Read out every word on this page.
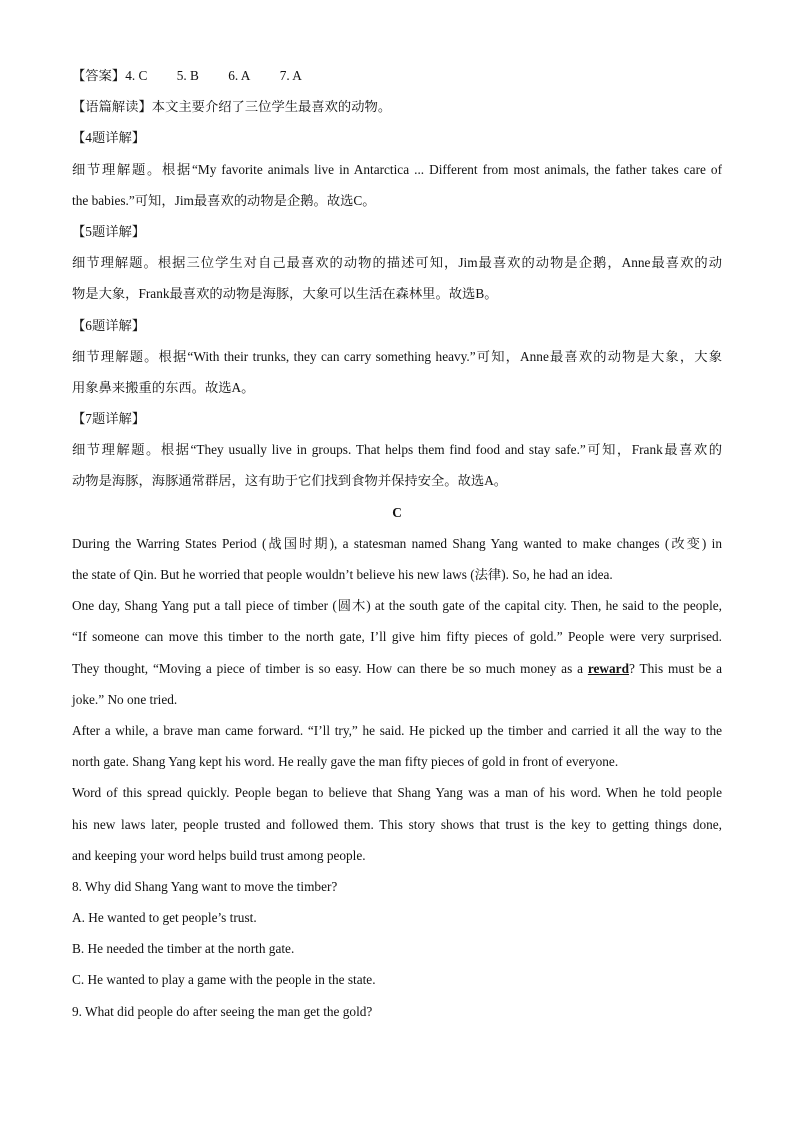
【答案】4. C 5. B 6. A 7. A
【语篇解读】本文主要介绍了三位学生最喜欢的动物。
【4题详解】
细节理解题。根据“My favorite animals live in Antarctica ... Different from most animals, the father takes care of
the babies.”可知，Jim最喜欢的动物是企鹅。故选C。
【5题详解】
细节理解题。根据三位学生对自己最喜欢的动物的描述可知，Jim最喜欢的动物是企鹅，Anne最喜欢的动
物是大象，Frank最喜欢的动物是海豚，大象可以生活在森林里。故选B。
【6题详解】
细节理解题。根据“With their trunks, they can carry something heavy.”可知，Anne最喜欢的动物是大象，大象
用象鼻来搬重的东西。故选A。
【7题详解】
细节理解题。根据“They usually live in groups. That helps them find food and stay safe.”可知，Frank最喜欢的
动物是海豚，海豚通常群居，这有助于它们找到食物并保持安全。故选A。
C
During the Warring States Period (战国时期), a statesman named Shang Yang wanted to make changes (改变) in
the state of Qin. But he worried that people wouldn’t believe his new laws (法律). So, he had an idea.
One day, Shang Yang put a tall piece of timber (圆木) at the south gate of the capital city. Then, he said to the people,
“If someone can move this timber to the north gate, I’ll give him fifty pieces of gold.” People were very surprised.
They thought, “Moving a piece of timber is so easy. How can there be so much money as a reward? This must be a
joke.” No one tried.
After a while, a brave man came forward. “I’ll try,” he said. He picked up the timber and carried it all the way to the
north gate. Shang Yang kept his word. He really gave the man fifty pieces of gold in front of everyone.
Word of this spread quickly. People began to believe that Shang Yang was a man of his word. When he told people
his new laws later, people trusted and followed them. This story shows that trust is the key to getting things done,
and keeping your word helps build trust among people.
8. Why did Shang Yang want to move the timber?
A. He wanted to get people’s trust.
B. He needed the timber at the north gate.
C. He wanted to play a game with the people in the state.
9. What did people do after seeing the man get the gold?
